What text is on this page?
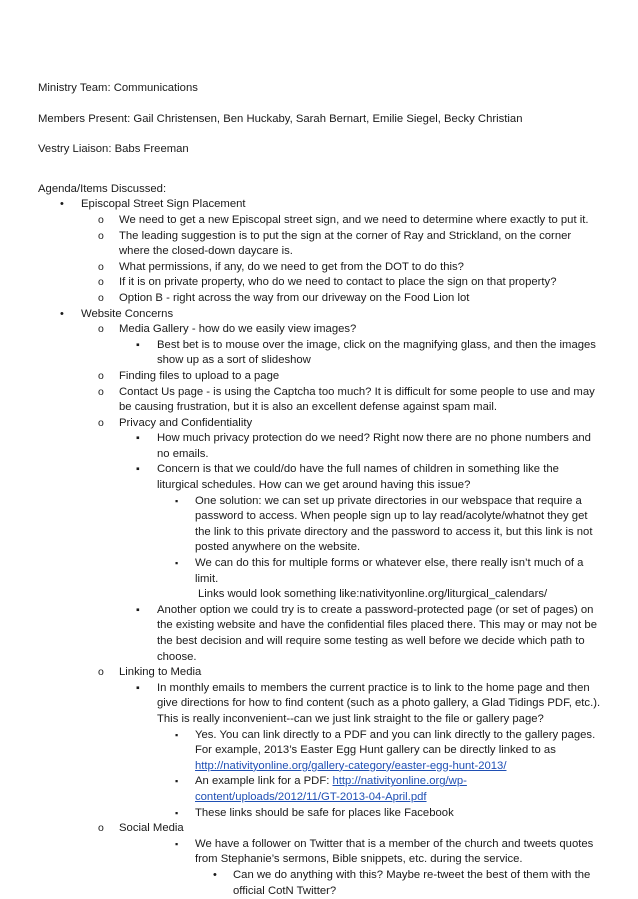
Ministry Team: Communications
Members Present: Gail Christensen, Ben Huckaby, Sarah Bernart, Emilie Siegel, Becky Christian
Vestry Liaison: Babs Freeman
Agenda/Items Discussed:
•	Episcopal Street Sign Placement
o	We need to get a new Episcopal street sign, and we need to determine where exactly to put it.
o	The leading suggestion is to put the sign at the corner of Ray and Strickland, on the corner where the closed-down daycare is.
o	What permissions, if any, do we need to get from the DOT to do this?
o	If it is on private property, who do we need to contact to place the sign on that property?
o	Option B - right across the way from our driveway on the Food Lion lot
•	Website Concerns
o	Media Gallery - how do we easily view images?
▪	Best bet is to mouse over the image, click on the magnifying glass, and then the images show up as a sort of slideshow
o	Finding files to upload to a page
o	Contact Us page - is using the Captcha too much? It is difficult for some people to use and may be causing frustration, but it is also an excellent defense against spam mail.
o	Privacy and Confidentiality
▪	How much privacy protection do we need? Right now there are no phone numbers and no emails.
▪	Concern is that we could/do have the full names of children in something like the liturgical schedules. How can we get around having this issue?
▪	One solution: we can set up private directories in our webspace that require a password to access. When people sign up to lay read/acolyte/whatnot they get the link to this private directory and the password to access it, but this link is not posted anywhere on the website.
▪	We can do this for multiple forms or whatever else, there really isn’t much of a limit.
Links would look something like:nativityonline.org/liturgical_calendars/
▪	Another option we could try is to create a password-protected page (or set of pages) on the existing website and have the confidential files placed there. This may or may not be the best decision and will require some testing as well before we decide which path to choose.
o	Linking to Media
▪	In monthly emails to members the current practice is to link to the home page and then give directions for how to find content (such as a photo gallery, a Glad Tidings PDF, etc.). This is really inconvenient--can we just link straight to the file or gallery page?
▪	Yes. You can link directly to a PDF and you can link directly to the gallery pages. For example, 2013’s Easter Egg Hunt gallery can be directly linked to as
http://nativityonline.org/gallery-category/easter-egg-hunt-2013/
▪	An example link for a PDF: http://nativityonline.org/wp-content/uploads/2012/11/GT-2013-04-April.pdf
▪	These links should be safe for places like Facebook
o	Social Media
▪	We have a follower on Twitter that is a member of the church and tweets quotes from Stephanie’s sermons, Bible snippets, etc. during the service.
•	Can we do anything with this? Maybe re-tweet the best of them with the official CotN Twitter?
